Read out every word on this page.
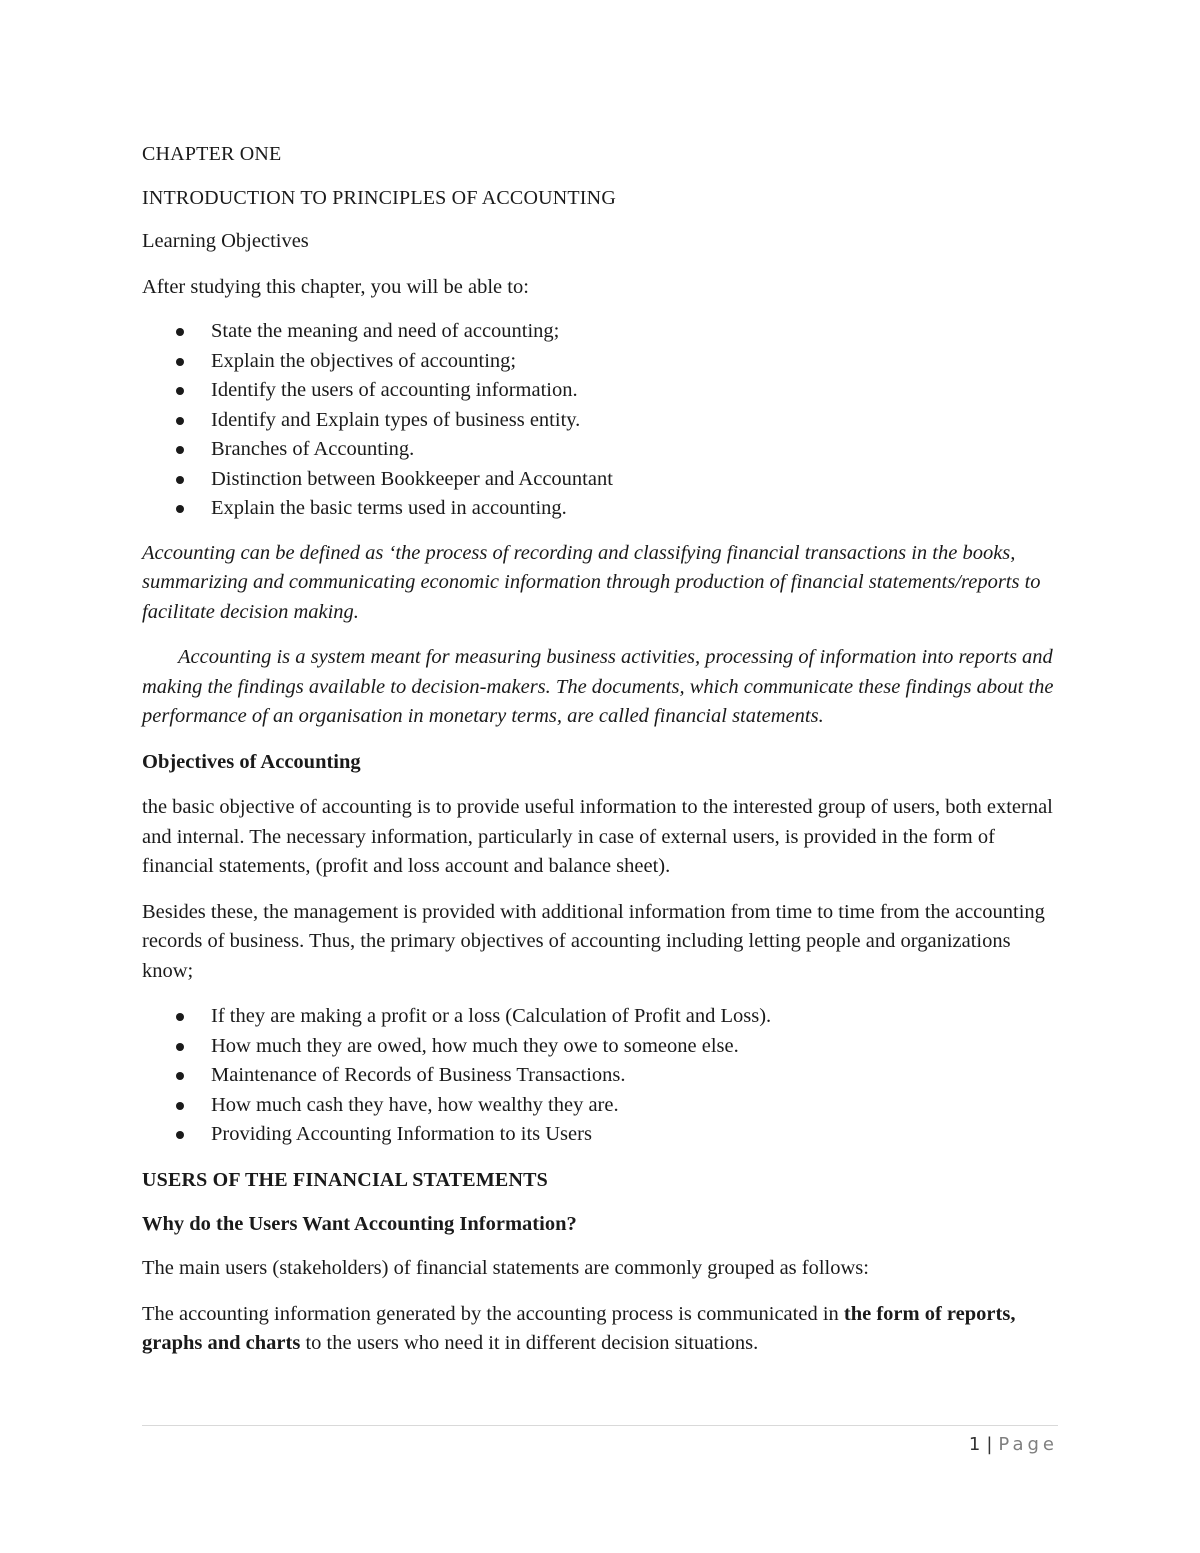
CHAPTER ONE

INTRODUCTION TO PRINCIPLES OF ACCOUNTING

Learning Objectives

After studying this chapter, you will be able to:

State the meaning and need of accounting;
Explain the objectives of accounting;
Identify the users of accounting information.
Identify and Explain types of business entity.
Branches of Accounting.
Distinction between Bookkeeper and Accountant
Explain the basic terms used in accounting.

Accounting can be defined as ‘the process of recording and classifying financial transactions in the books, summarizing and communicating economic information through production of financial statements/reports to facilitate decision making.

Accounting is a system meant for measuring business activities, processing of information into reports and making the findings available to decision-makers. The documents, which communicate these findings about the performance of an organisation in monetary terms, are called financial statements.

Objectives of Accounting

the basic objective of accounting is to provide useful information to the interested group of users, both external and internal. The necessary information, particularly in case of external users, is provided in the form of financial statements, (profit and loss account and balance sheet).

Besides these, the management is provided with additional information from time to time from the accounting records of business. Thus, the primary objectives of accounting including letting people and organizations know;

If they are making a profit or a loss (Calculation of Profit and Loss).
How much they are owed, how much they owe to someone else.
Maintenance of Records of Business Transactions.
How much cash they have, how wealthy they are.
Providing Accounting Information to its Users

USERS OF THE FINANCIAL STATEMENTS

Why do the Users Want Accounting Information?

The main users (stakeholders) of financial statements are commonly grouped as follows:

The accounting information generated by the accounting process is communicated in the form of reports, graphs and charts to the users who need it in different decision situations.

1 | Page
